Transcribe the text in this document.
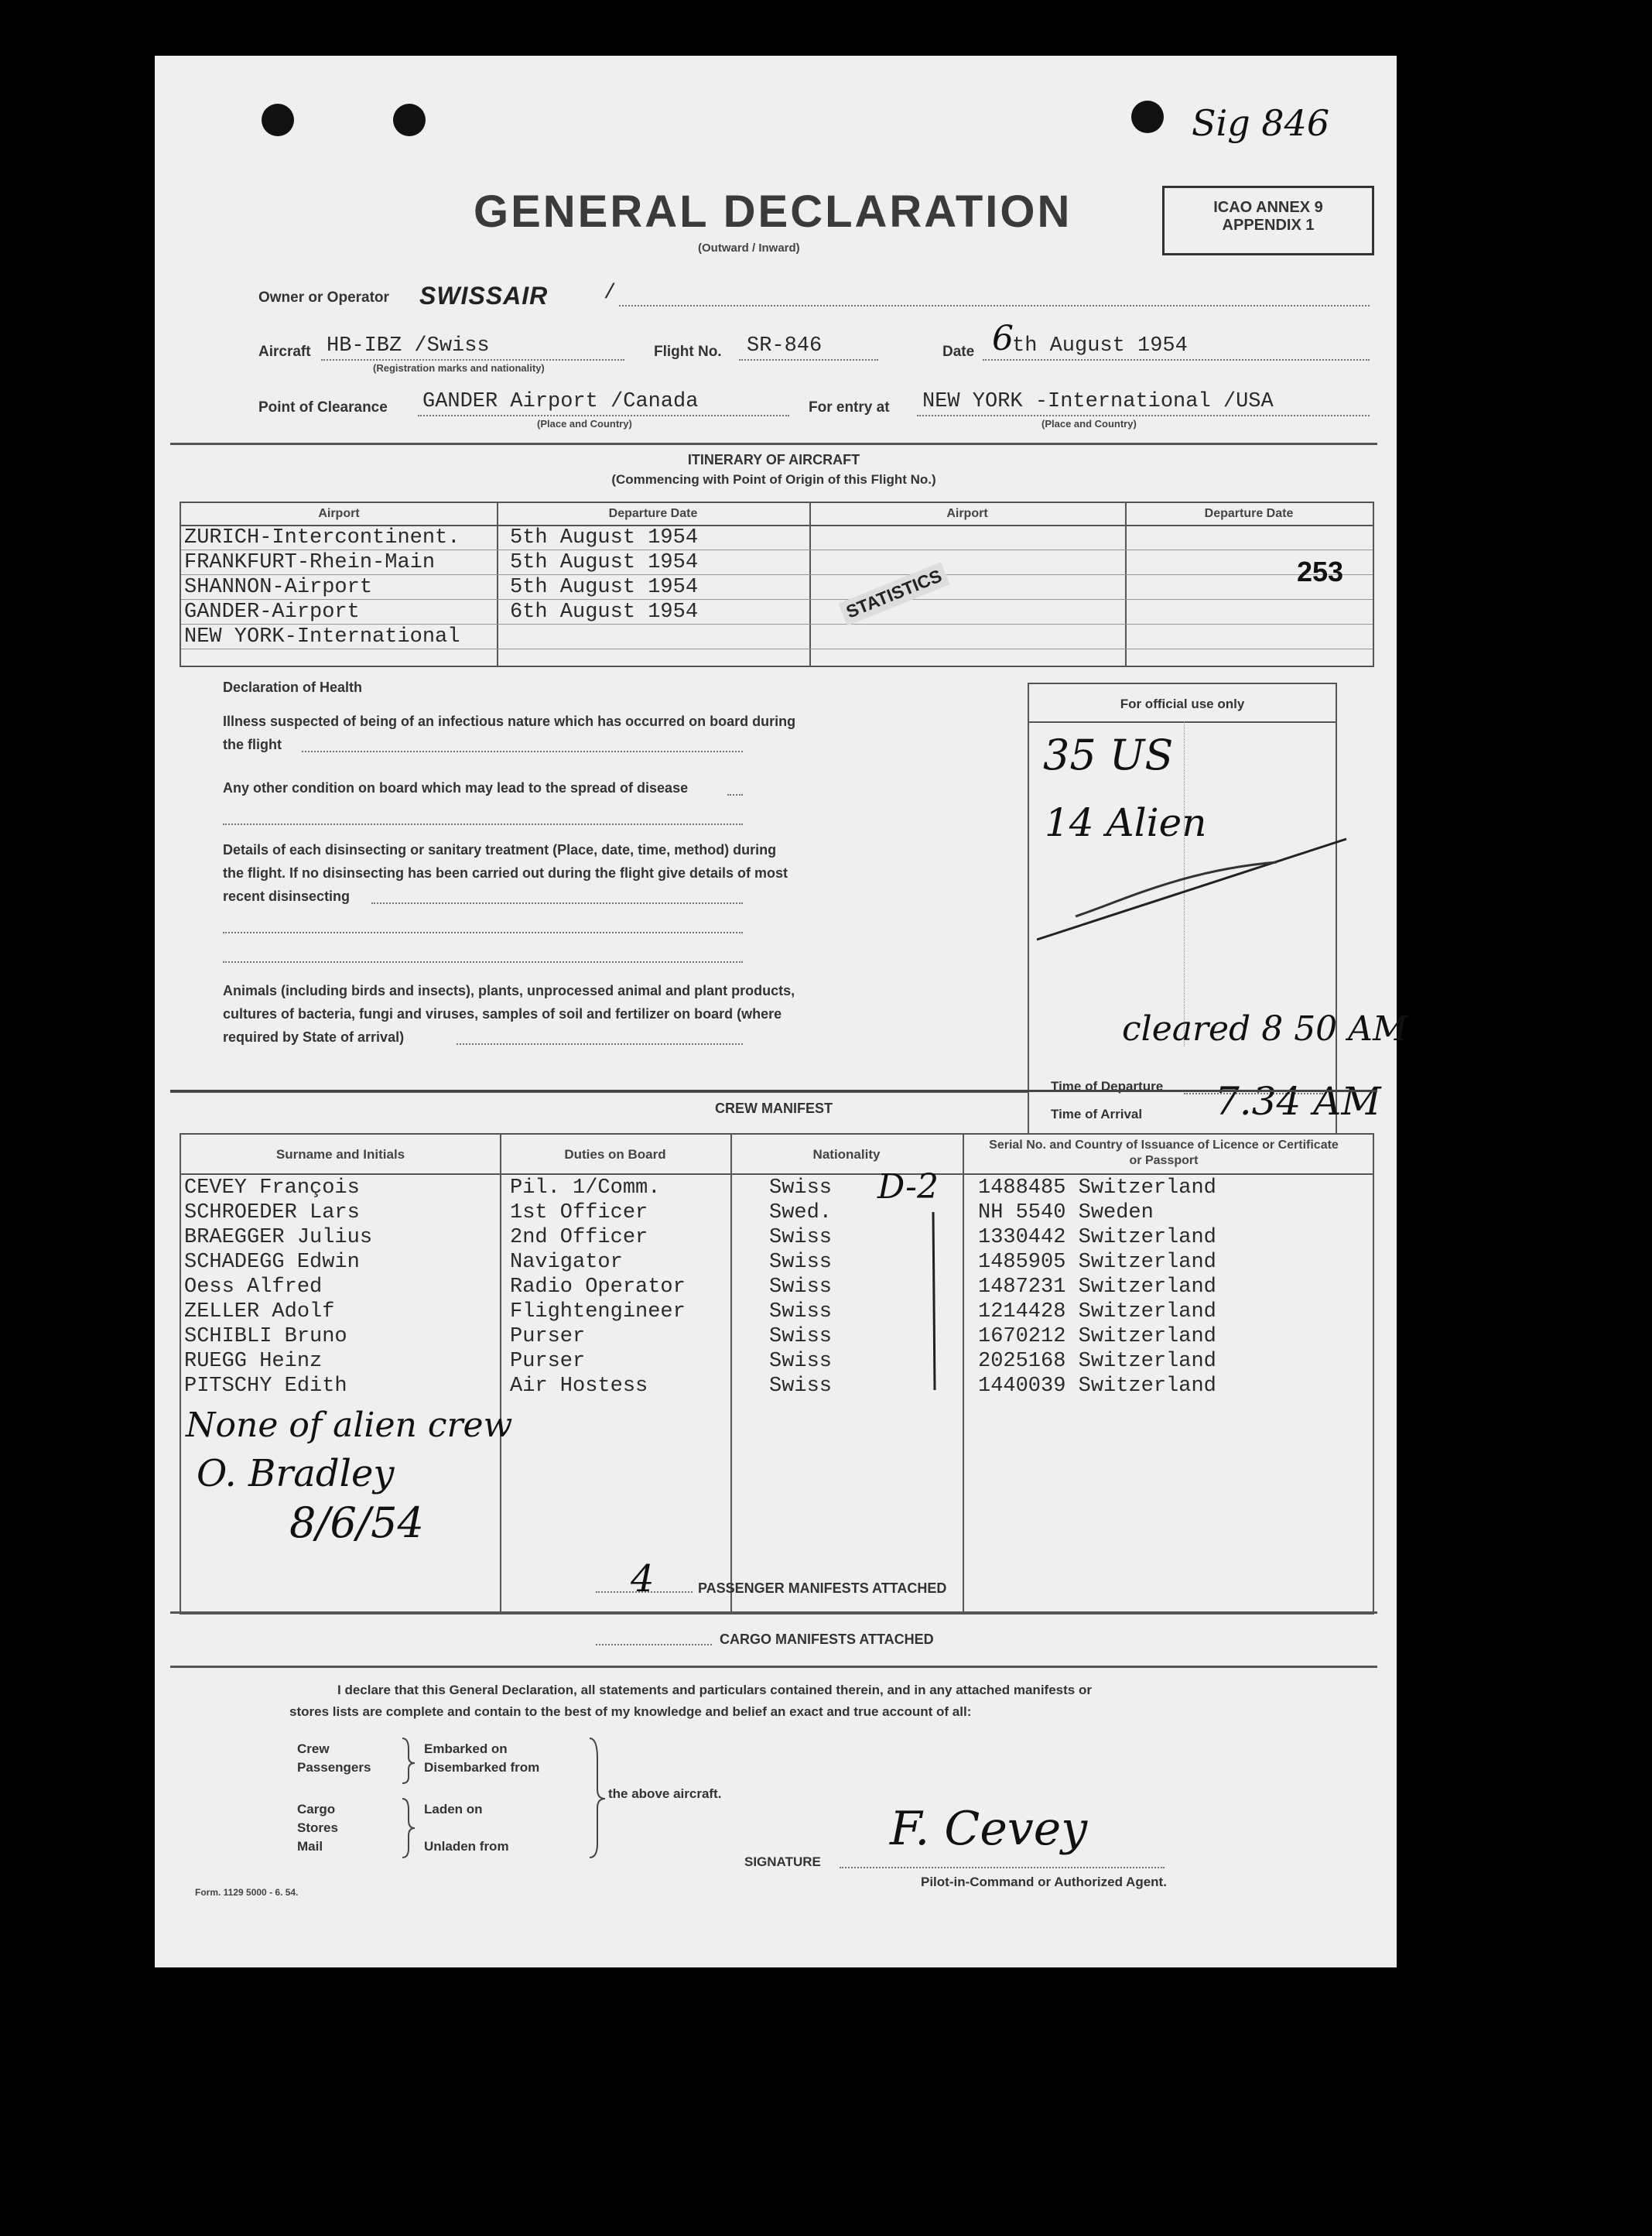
Sig 846
GENERAL DECLARATION
(Outward / Inward)
ICAO ANNEX 9
APPENDIX 1
Owner or Operator SWISSAIR	/
Aircraft HB-IBZ /Swiss
(Registration marks and nationality)
Flight No. SR-846	Date 6
th August 1954
Point of Clearance GANDER Airport /Canada
(Place and Country)
For entry at NEW YORK -International /USA
(Place and Country)
ITINERARY OF AIRCRAFT
(Commencing with Point of Origin of this Flight No.)
Airport	Departure Date	Airport	Departure Date
ZURICH-Intercontinent. 5th August 1954
FRANKFURT-Rhein-Main	5th August 1954
SHANNON-Airport	5th August 1954
GANDER-Airport	6th August 1954
NEW YORK-International
STATISTICS	253
Declaration of Health
Illness suspected of being of an infectious nature which has occurred on board during
the flight
Any other condition on board which may lead to the spread of disease
Details of each disinsecting or sanitary treatment (Place, date, time, method) during
the flight. If no disinsecting has been carried out during the flight give details of most
recent disinsecting
Animals (including birds and insects), plants, unprocessed animal and plant products,
cultures of bacteria, fungi and viruses, samples of soil and fertilizer on board (where
required by State of arrival)
For official use only
35 US
14 Alien
cleared 8 50 AM
Time of Departure
Time of Arrival 7.34 AM
CREW MANIFEST
Surname and Initials	Duties on Board	Nationality
Serial No. and Country of Issuance of Licence or Certificate or Passport
CEVEY François	Pil. 1/Comm.	Swiss	1488485 Switzerland
SCHROEDER Lars	1st Officer	Swed.	NH 5540 Sweden
BRAEGGER Julius	2nd Officer	Swiss	1330442 Switzerland
SCHADEGG Edwin	Navigator	Swiss	1485905 Switzerland
Oess Alfred	Radio Operator	Swiss	1487231 Switzerland
ZELLER Adolf	Flightengineer	Swiss	1214428 Switzerland
SCHIBLI Bruno	Purser	Swiss	1670212 Switzerland
RUEGG Heinz	Purser	Swiss	2025168 Switzerland
PITSCHY Edith	Air Hostess	Swiss	1440039 Switzerland
D-2
None of alien crew
O. Bradley
8/6/54
4	PASSENGER MANIFESTS ATTACHED
CARGO MANIFESTS ATTACHED
I declare that this General Declaration, all statements and particulars contained therein, and in any attached manifests or
stores lists are complete and contain to the best of my knowledge and belief an exact and true account of all:
Crew
Passengers
Embarked on
Disembarked from
Cargo
Stores
Mail
Laden on
Unladen from
the above aircraft.
SIGNATURE
F. Cevey
Pilot-in-Command or Authorized Agent.
Form. 1129 5000 - 6. 54.
